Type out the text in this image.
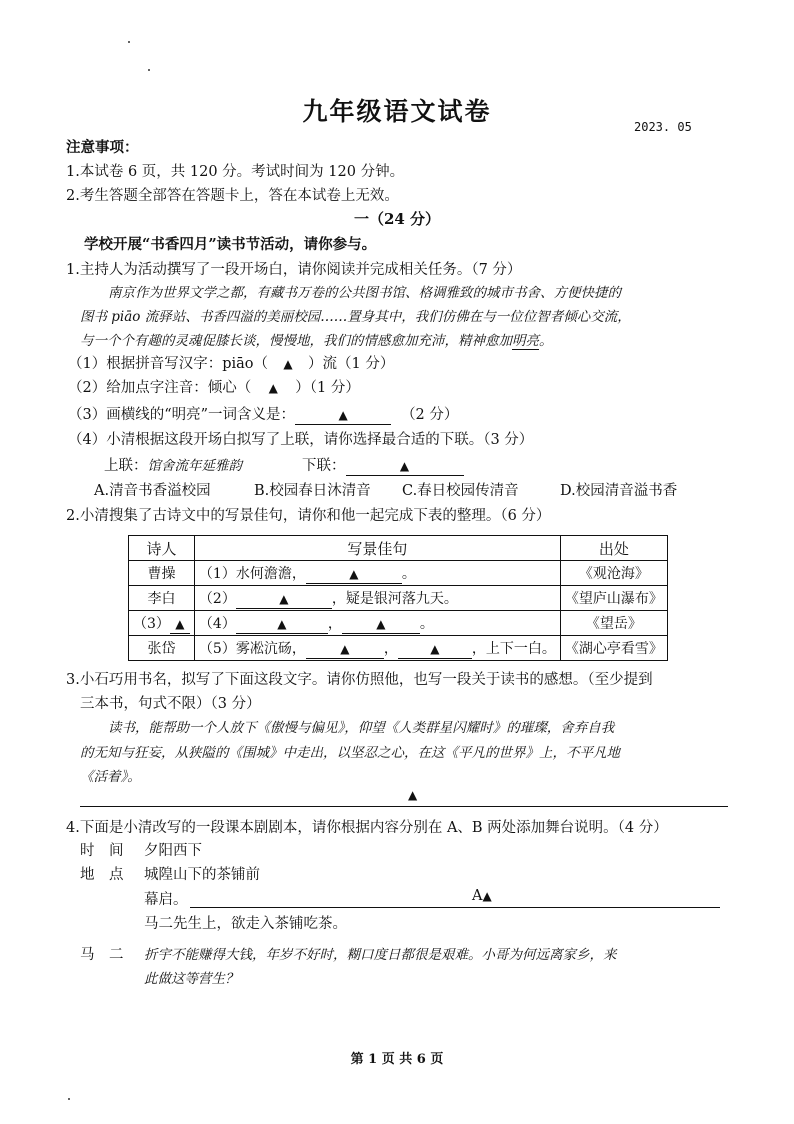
九年级语文试卷
2023. 05
注意事项：
1.本试卷 6 页，共 120 分。考试时间为 120 分钟。
2.考生答题全部答在答题卡上，答在本试卷上无效。
一（24 分）
学校开展“书香四月”读书节活动，请你参与。
1.主持人为活动撰写了一段开场白，请你阅读并完成相关任务。（7 分）
南京作为世界文学之都，有藏书万卷的公共图书馆、格调雅致的城市书舍、方便快捷的
图书 piāo 流驿站、书香四溢的美丽校园……置身其中，我们仿佛在与一位位智者倾心交流，
与一个个有趣的灵魂促膝长谈，慢慢地，我们的情感愈加充沛，精神愈加明亮。
（1）根据拼音写汉字：piāo（ ▲ ）流（1 分）
（2）给加点字注音：倾心（ ▲ ）（1 分）
（3）画横线的“明亮”一词含义是：	▲	（2 分）
（4）小清根据这段开场白拟写了上联，请你选择最合适的下联。（3 分）
上联：馆舍流年延雅韵	下联：	▲
A.清音书香溢校园	B.校园春日沐清音 C.春日校园传清音	D.校园清音溢书香
2.小清搜集了古诗文中的写景佳句，请你和他一起完成下表的整理。（6 分）
诗人	写景佳句	出处
曹操	（1）水何澹澹， ▲ 。	《观沧海》
李白	（2） ▲ ，疑是银河落九天。	《望庐山瀑布》
（3） ▲	（4） ▲ ， ▲ 。	《望岳》
张岱	（5）雾凇沆砀， ▲ ， ▲ ，上下一白。	《湖心亭看雪》
3.小石巧用书名，拟写了下面这段文字。请你仿照他，也写一段关于读书的感想。（至少提到
三本书，句式不限）（3 分）
读书，能帮助一个人放下《傲慢与偏见》，仰望《人类群星闪耀时》的璀璨，舍弃自我
的无知与狂妄，从狭隘的《围城》中走出，以坚忍之心，在这《平凡的世界》上，不平凡地
《活着》。
▲
4.下面是小清改写的一段课本剧剧本，请你根据内容分别在 A、B 两处添加舞台说明。（4 分）
时　间 夕阳西下
地　点 城隍山下的茶铺前
幕启。	A▲
马二先生上，欲走入茶铺吃茶。
马　二 折宇不能赚得大钱，年岁不好时，糊口度日都很是艰难。小哥为何远离家乡，来
此做这等营生？
第 1 页 共 6 页
